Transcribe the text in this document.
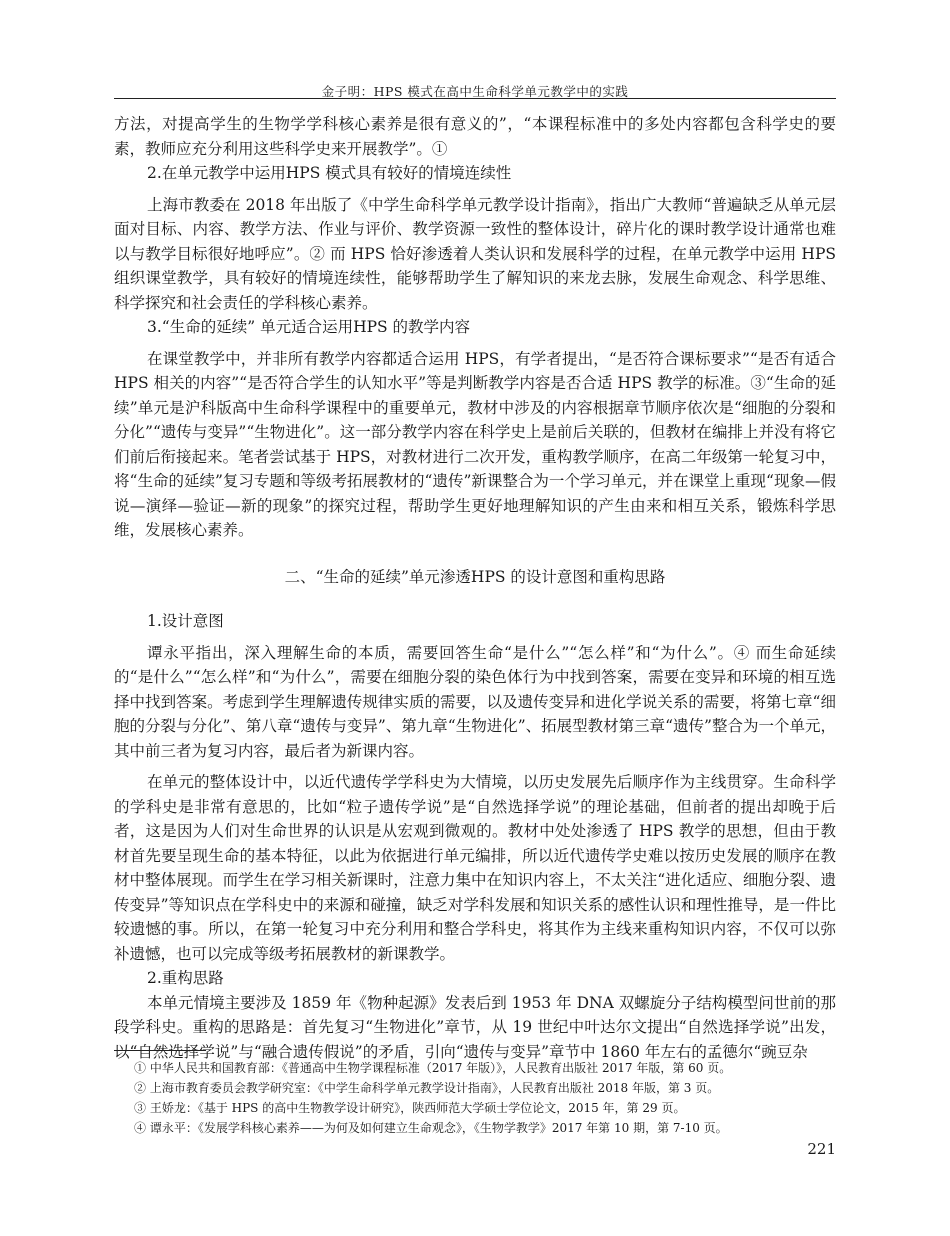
金子明：HPS 模式在高中生命科学单元教学中的实践

方法，对提高学生的生物学学科核心素养是很有意义的”，“本课程标准中的多处内容都包含科学史的要素，教师应充分利用这些科学史来开展教学”。①

2.在单元教学中运用HPS 模式具有较好的情境连续性

上海市教委在 2018 年出版了《中学生命科学单元教学设计指南》，指出广大教师“普遍缺乏从单元层面对目标、内容、教学方法、作业与评价、教学资源一致性的整体设计，碎片化的课时教学设计通常也难以与教学目标很好地呼应”。② 而 HPS 恰好渗透着人类认识和发展科学的过程，在单元教学中运用 HPS 组织课堂教学，具有较好的情境连续性，能够帮助学生了解知识的来龙去脉，发展生命观念、科学思维、科学探究和社会责任的学科核心素养。

3.“生命的延续” 单元适合运用HPS 的教学内容

在课堂教学中，并非所有教学内容都适合运用 HPS，有学者提出，“是否符合课标要求”“是否有适合 HPS 相关的内容”“是否符合学生的认知水平”等是判断教学内容是否合适 HPS 教学的标准。③“生命的延续”单元是沪科版高中生命科学课程中的重要单元，教材中涉及的内容根据章节顺序依次是“细胞的分裂和分化”“遗传与变异”“生物进化”。这一部分教学内容在科学史上是前后关联的，但教材在编排上并没有将它们前后衔接起来。笔者尝试基于 HPS，对教材进行二次开发，重构教学顺序，在高二年级第一轮复习中，将“生命的延续”复习专题和等级考拓展教材的“遗传”新课整合为一个学习单元，并在课堂上重现“现象—假说—演绎—验证—新的现象”的探究过程，帮助学生更好地理解知识的产生由来和相互关系，锻炼科学思维，发展核心素养。

二、“生命的延续”单元渗透HPS 的设计意图和重构思路

1.设计意图

谭永平指出，深入理解生命的本质，需要回答生命“是什么”“怎么样”和“为什么”。④ 而生命延续的“是什么”“怎么样”和“为什么”，需要在细胞分裂的染色体行为中找到答案，需要在变异和环境的相互选择中找到答案。考虑到学生理解遗传规律实质的需要，以及遗传变异和进化学说关系的需要，将第七章“细胞的分裂与分化”、第八章“遗传与变异”、第九章“生物进化”、拓展型教材第三章“遗传”整合为一个单元，其中前三者为复习内容，最后者为新课内容。

在单元的整体设计中，以近代遗传学学科史为大情境，以历史发展先后顺序作为主线贯穿。生命科学的学科史是非常有意思的，比如“粒子遗传学说”是“自然选择学说”的理论基础，但前者的提出却晚于后者，这是因为人们对生命世界的认识是从宏观到微观的。教材中处处渗透了 HPS 教学的思想，但由于教材首先要呈现生命的基本特征，以此为依据进行单元编排，所以近代遗传学史难以按历史发展的顺序在教材中整体展现。而学生在学习相关新课时，注意力集中在知识内容上，不太关注“进化适应、细胞分裂、遗传变异”等知识点在学科史中的来源和碰撞，缺乏对学科发展和知识关系的感性认识和理性推导，是一件比较遗憾的事。所以，在第一轮复习中充分利用和整合学科史，将其作为主线来重构知识内容，不仅可以弥补遗憾，也可以完成等级考拓展教材的新课教学。

2.重构思路

本单元情境主要涉及 1859 年《物种起源》发表后到 1953 年 DNA 双螺旋分子结构模型问世前的那段学科史。重构的思路是：首先复习“生物进化”章节，从 19 世纪中叶达尔文提出“自然选择学说”出发，以“自然选择学说”与“融合遗传假说”的矛盾，引向“遗传与变异”章节中 1860 年左右的孟德尔“豌豆杂

① 中华人民共和国教育部：《普通高中生物学课程标准（2017 年版）》，人民教育出版社 2017 年版，第 60 页。
② 上海市教育委员会教学研究室：《中学生命科学单元教学设计指南》，人民教育出版社 2018 年版，第 3 页。
③ 王娇龙：《基于 HPS 的高中生物教学设计研究》，陕西师范大学硕士学位论文，2015 年，第 29 页。
④ 谭永平：《发展学科核心素养——为何及如何建立生命观念》，《生物学教学》2017 年第 10 期，第 7-10 页。
221
